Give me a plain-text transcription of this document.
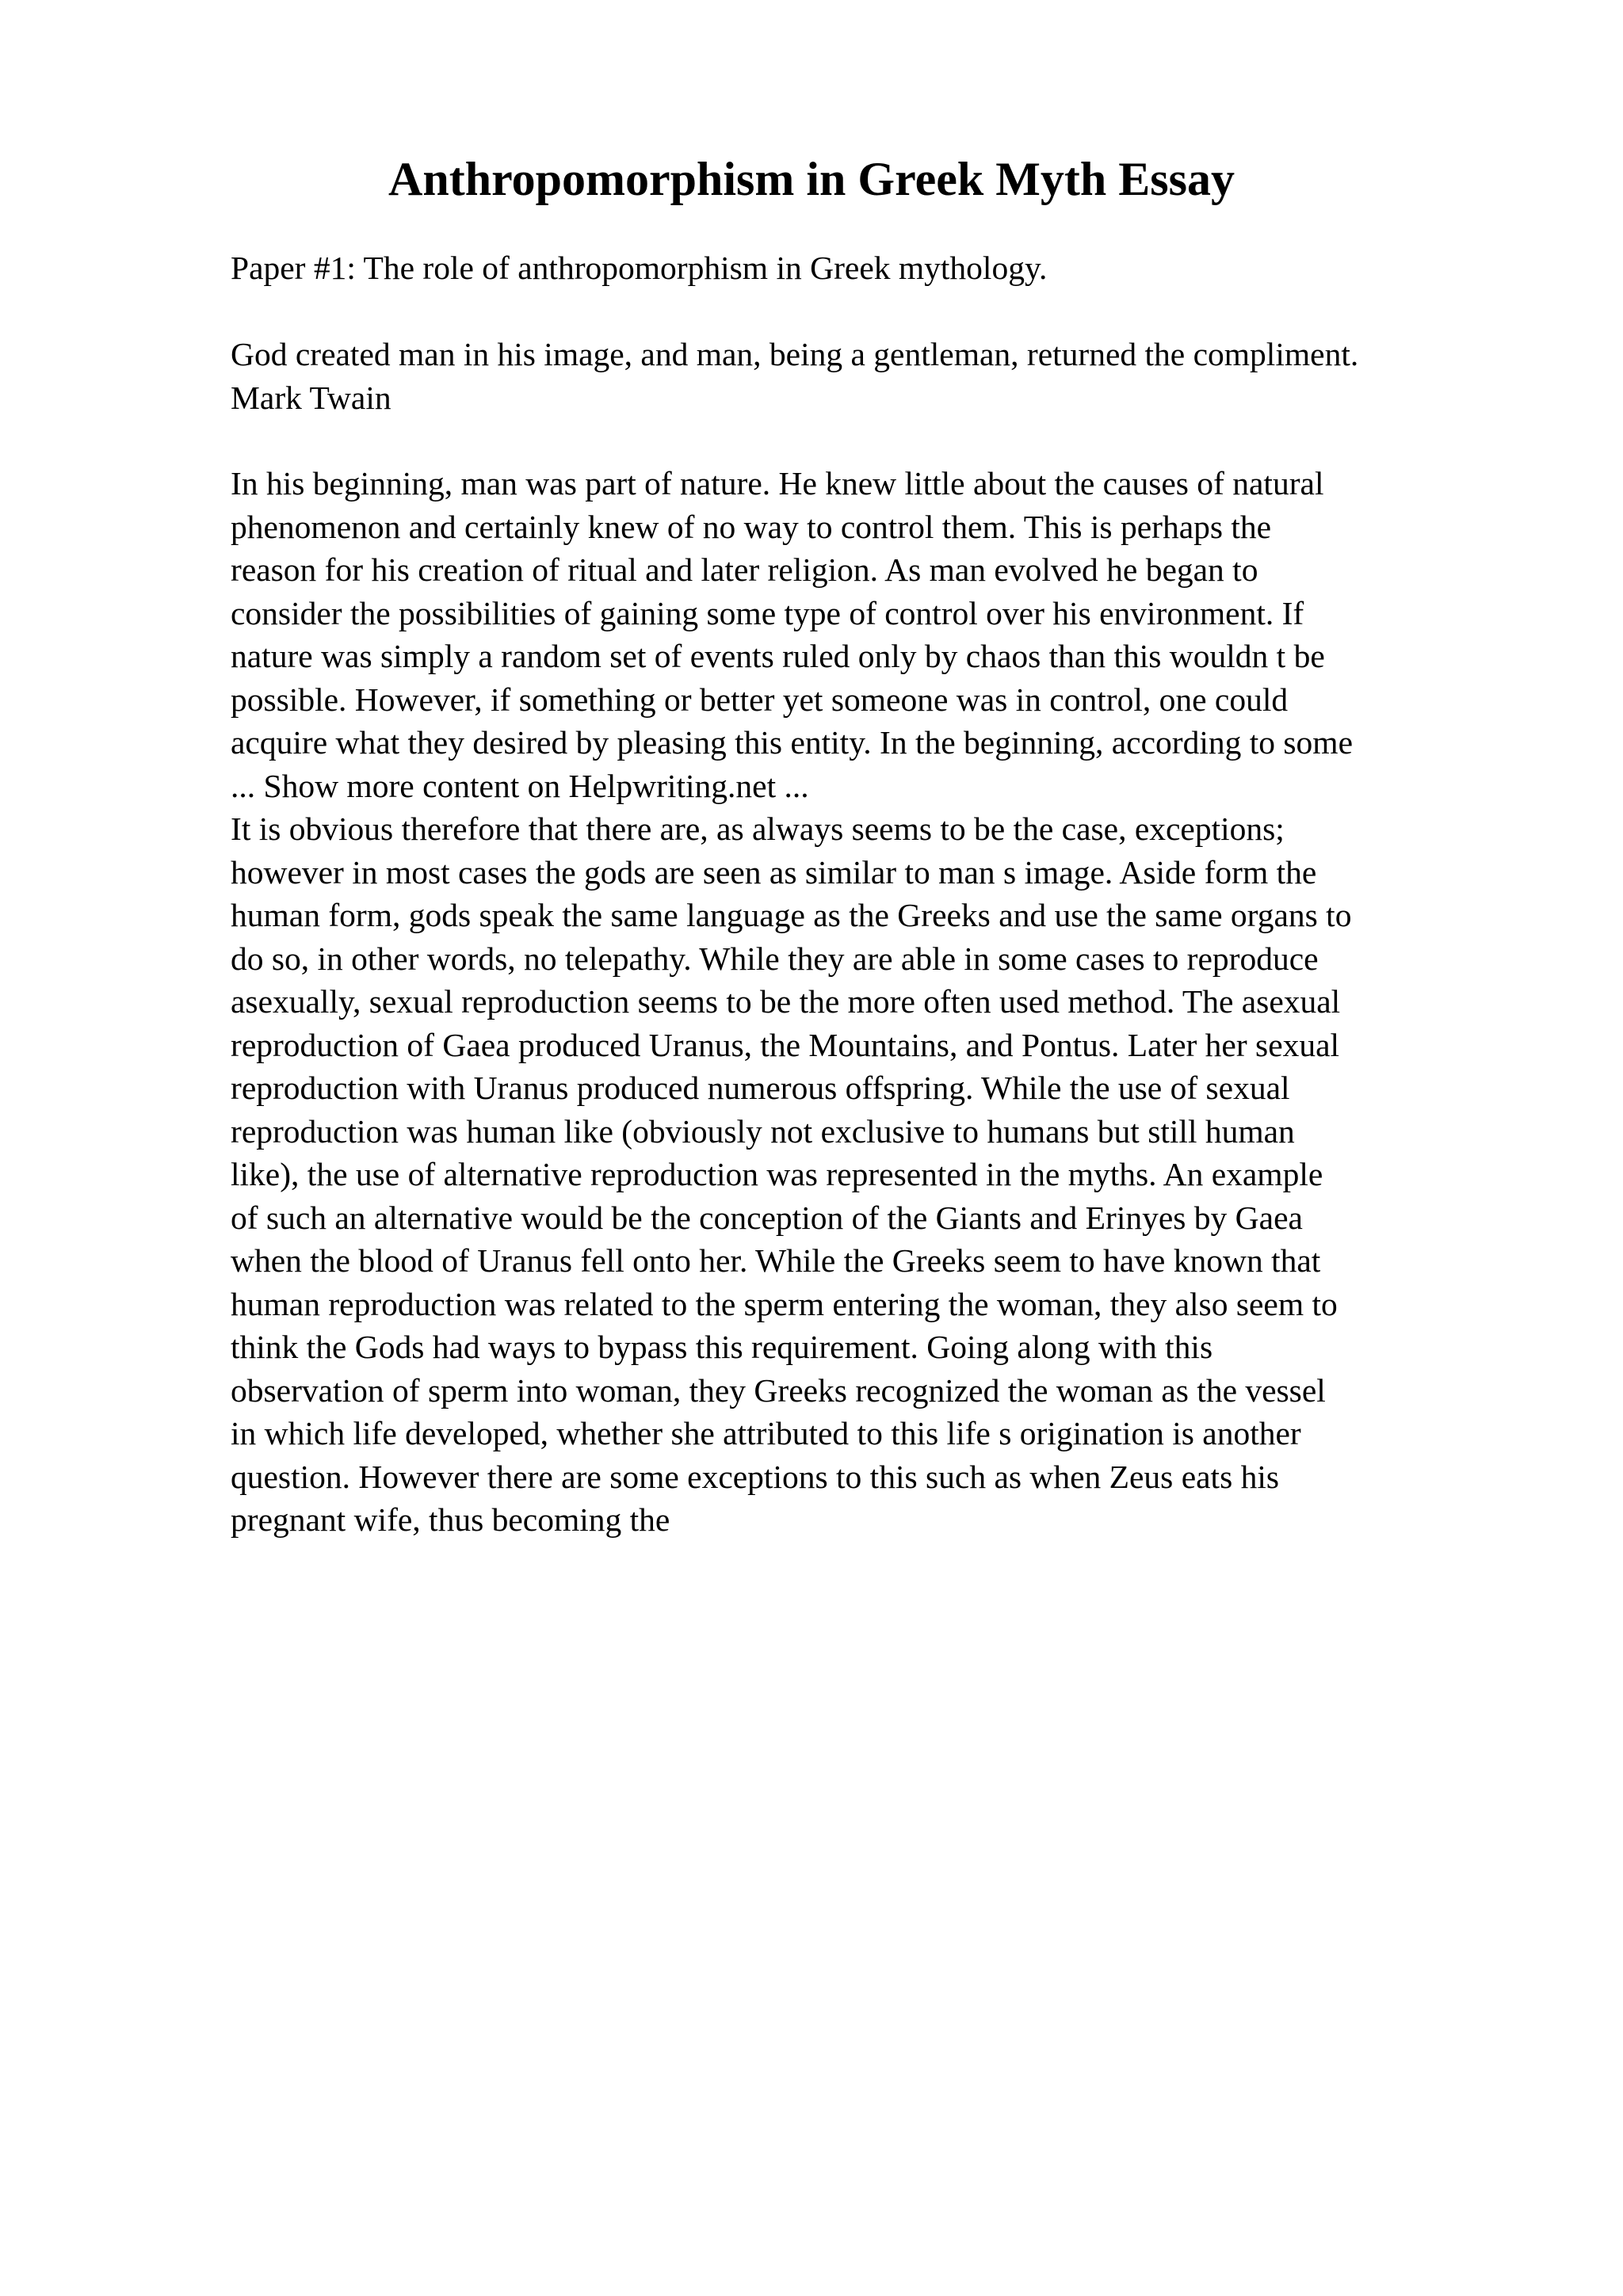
Anthropomorphism in Greek Myth Essay
Paper #1: The role of anthropomorphism in Greek mythology.
God created man in his image, and man, being a gentleman, returned the compliment.
Mark Twain
In his beginning, man was part of nature. He knew little about the causes of natural
phenomenon and certainly knew of no way to control them. This is perhaps the
reason for his creation of ritual and later religion. As man evolved he began to
consider the possibilities of gaining some type of control over his environment. If
nature was simply a random set of events ruled only by chaos than this wouldn t be
possible. However, if something or better yet someone was in control, one could
acquire what they desired by pleasing this entity. In the beginning, according to some
... Show more content on Helpwriting.net ...
It is obvious therefore that there are, as always seems to be the case, exceptions;
however in most cases the gods are seen as similar to man s image. Aside form the
human form, gods speak the same language as the Greeks and use the same organs to
do so, in other words, no telepathy. While they are able in some cases to reproduce
asexually, sexual reproduction seems to be the more often used method. The asexual
reproduction of Gaea produced Uranus, the Mountains, and Pontus. Later her sexual
reproduction with Uranus produced numerous offspring. While the use of sexual
reproduction was human like (obviously not exclusive to humans but still human
like), the use of alternative reproduction was represented in the myths. An example
of such an alternative would be the conception of the Giants and Erinyes by Gaea
when the blood of Uranus fell onto her. While the Greeks seem to have known that
human reproduction was related to the sperm entering the woman, they also seem to
think the Gods had ways to bypass this requirement. Going along with this
observation of sperm into woman, they Greeks recognized the woman as the vessel
in which life developed, whether she attributed to this life s origination is another
question. However there are some exceptions to this such as when Zeus eats his
pregnant wife, thus becoming the
